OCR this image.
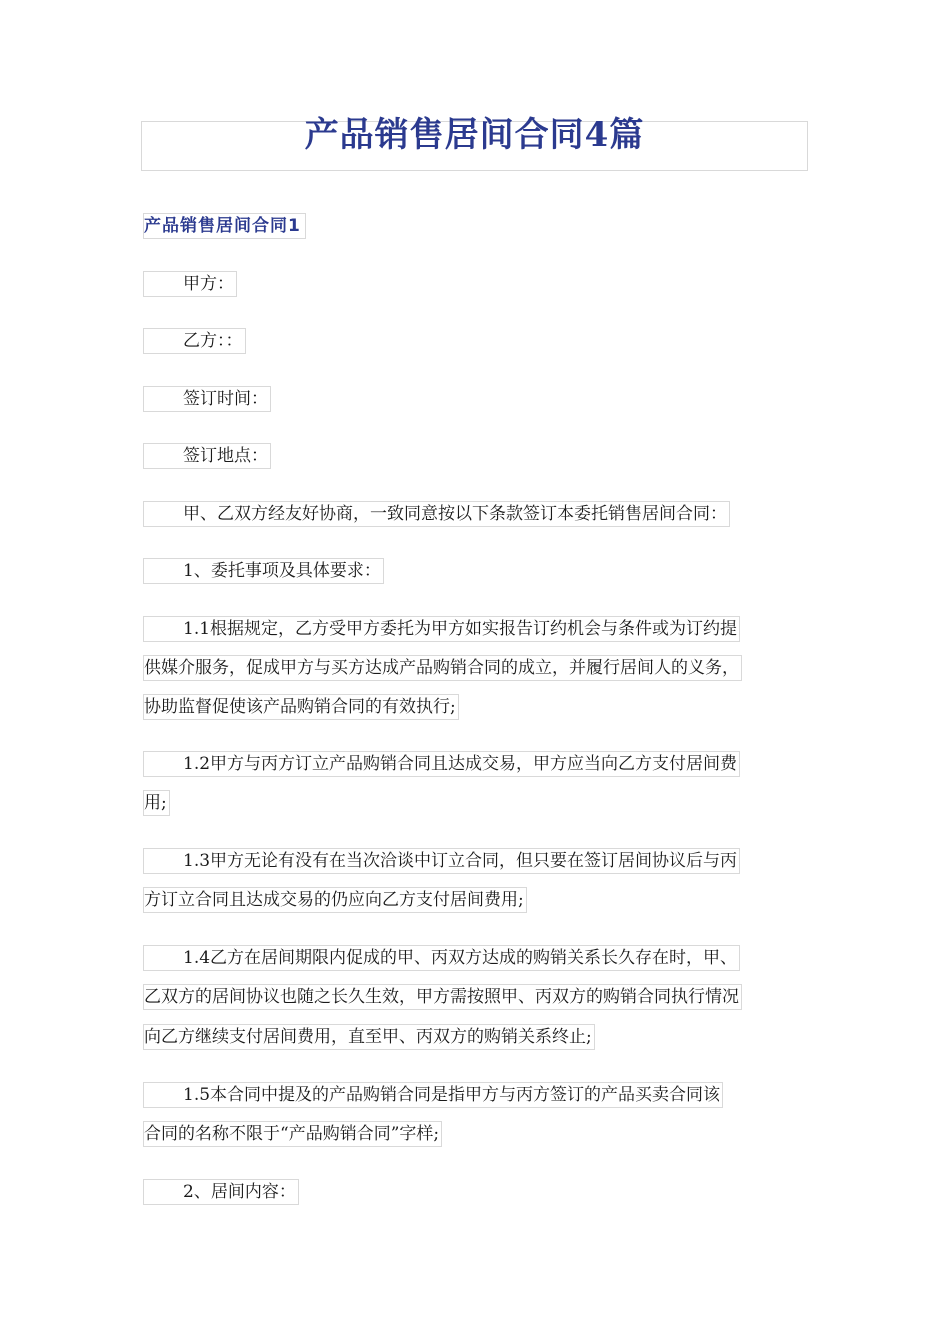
产品销售居间合同4篇
产品销售居间合同1
甲方：
乙方：：
签订时间：
签订地点：
甲、乙双方经友好协商，一致同意按以下条款签订本委托销售居间合同：
1、委托事项及具体要求：
1.1根据规定，乙方受甲方委托为甲方如实报告订约机会与条件或为订约提
供媒介服务，促成甲方与买方达成产品购销合同的成立，并履行居间人的义务，
协助监督促使该产品购销合同的有效执行;
1.2甲方与丙方订立产品购销合同且达成交易，甲方应当向乙方支付居间费
用;
1.3甲方无论有没有在当次洽谈中订立合同，但只要在签订居间协议后与丙
方订立合同且达成交易的仍应向乙方支付居间费用;
1.4乙方在居间期限内促成的甲、丙双方达成的购销关系长久存在时，甲、
乙双方的居间协议也随之长久生效，甲方需按照甲、丙双方的购销合同执行情况
向乙方继续支付居间费用，直至甲、丙双方的购销关系终止;
1.5本合同中提及的产品购销合同是指甲方与丙方签订的产品买卖合同该
合同的名称不限于“产品购销合同”字样;
2、居间内容：
